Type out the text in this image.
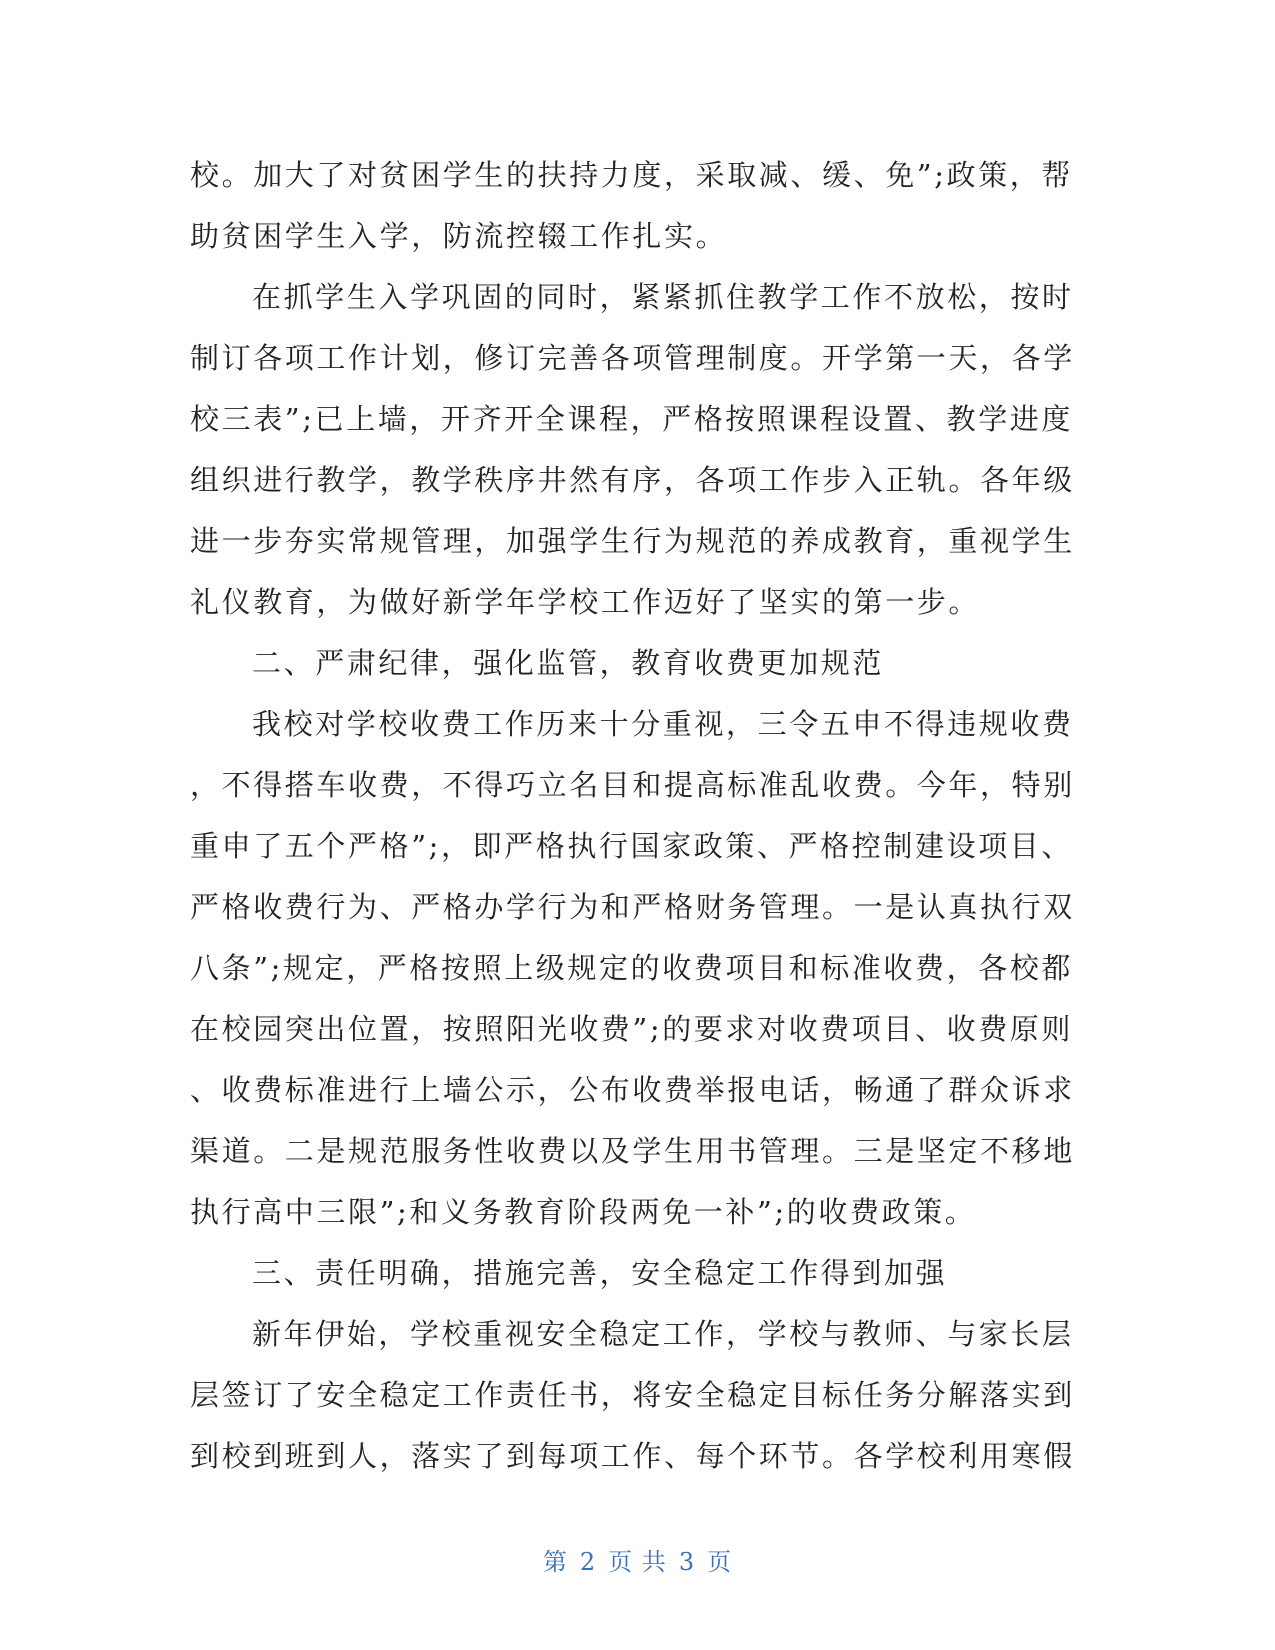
校。加大了对贫困学生的扶持力度，采取减、缓、免”;政策，帮
助贫困学生入学，防流控辍工作扎实。
在抓学生入学巩固的同时，紧紧抓住教学工作不放松，按时
制订各项工作计划，修订完善各项管理制度。开学第一天，各学
校三表”;已上墙，开齐开全课程，严格按照课程设置、教学进度
组织进行教学，教学秩序井然有序，各项工作步入正轨。各年级
进一步夯实常规管理，加强学生行为规范的养成教育，重视学生
礼仪教育，为做好新学年学校工作迈好了坚实的第一步。
二、严肃纪律，强化监管，教育收费更加规范
我校对学校收费工作历来十分重视，三令五申不得违规收费
，不得搭车收费，不得巧立名目和提高标准乱收费。今年，特别
重申了五个严格”;，即严格执行国家政策、严格控制建设项目、
严格收费行为、严格办学行为和严格财务管理。一是认真执行双
八条”;规定，严格按照上级规定的收费项目和标准收费，各校都
在校园突出位置，按照阳光收费”;的要求对收费项目、收费原则
、收费标准进行上墙公示，公布收费举报电话，畅通了群众诉求
渠道。二是规范服务性收费以及学生用书管理。三是坚定不移地
执行高中三限”;和义务教育阶段两免一补”;的收费政策。
三、责任明确，措施完善，安全稳定工作得到加强
新年伊始，学校重视安全稳定工作，学校与教师、与家长层
层签订了安全稳定工作责任书，将安全稳定目标任务分解落实到
到校到班到人，落实了到每项工作、每个环节。各学校利用寒假
第 2 页 共 3 页
